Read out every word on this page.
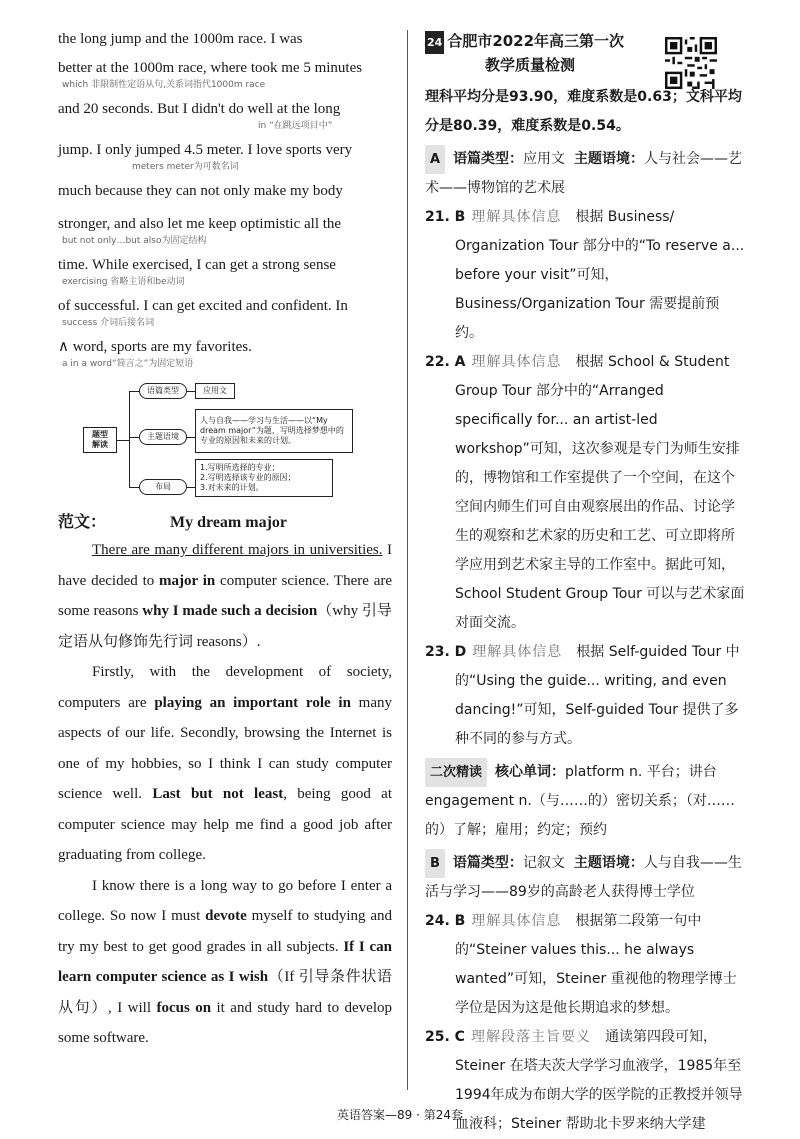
the long jump and the 1000m race. I was

better at the 1000m race, where took me 5 minutes

which 非限制性定语从句,关系词指代1000m race

and 20 seconds. But I didn't do well at the long

in “在跳远项目中”

jump. I only jumped 4.5 meter. I love sports very

meters meter为可数名词

much because they can not only make my body

stronger, and also let me keep optimistic all the

but not only…but also为固定结构

time. While exercised, I can get a strong sense

exercising 省略主语和be动词

of successful. I can get excited and confident. In

success 介词后接名词

∧ word, sports are my favorites.

a in a word“简言之”为固定短语

题型
解读
语篇类型	应用文
主题语境
人与自我——学习与生活——以“My dream major”为题，写明选择梦想中的专业的原因和未来的计划。
布局
1.写明所选择的专业；
2.写明选择该专业的原因；
3.对未来的计划。
范文：	My dream major
There are many different majors in universities. I have decided to major in computer science. There are some reasons why I made such a decision（why 引导定语从句修饰先行词 reasons）.
Firstly, with the development of society, computers are playing an important role in many aspects of our life. Secondly, browsing the Internet is one of my hobbies, so I think I can study computer science well. Last but not least, being good at computer science may help me find a good job after graduating from college.
I know there is a long way to go before I enter a college. So now I must devote myself to studying and try my best to get good grades in all subjects. If I can learn computer science as I wish（If 引导条件状语从句）, I will focus on it and study hard to develop some software.
24 合肥市2022年高三第一次
教学质量检测
理科平均分是93.90，难度系数是0.63；文科平均分是80.39，难度系数是0.54。
A 语篇类型：应用文 主题语境：人与社会——艺术——博物馆的艺术展
21. B 理解具体信息 根据 Business/ Organization Tour 部分中的“To reserve a... before your visit”可知，Business/Organization Tour 需要提前预约。
22. A 理解具体信息 根据 School & Student Group Tour 部分中的“Arranged specifically for... an artist-led workshop”可知，这次参观是专门为师生安排的，博物馆和工作室提供了一个空间，在这个空间内师生们可自由观察展出的作品、讨论学生的观察和艺术家的历史和工艺、可立即将所学应用到艺术家主导的工作室中。据此可知，School Student Group Tour 可以与艺术家面对面交流。
23. D 理解具体信息 根据 Self-guided Tour 中的“Using the guide... writing, and even dancing!”可知，Self-guided Tour 提供了多种不同的参与方式。
二次精读 核心单词：platform n. 平台；讲台 engagement n.（与……的）密切关系；（对……的）了解；雇用；约定；预约
B 语篇类型：记叙文 主题语境：人与自我——生活与学习——89岁的高龄老人获得博士学位
24. B 理解具体信息 根据第二段第一句中的“Steiner values this... he always wanted”可知，Steiner 重视他的物理学博士学位是因为这是他长期追求的梦想。
25. C 理解段落主旨要义 通读第四段可知，Steiner 在塔夫茨大学学习血液学，1985年至1994年成为布朗大学的医学院的正教授并领导血液科；Steiner 帮助北卡罗来纳大学建
英语答案—89 · 第24套
